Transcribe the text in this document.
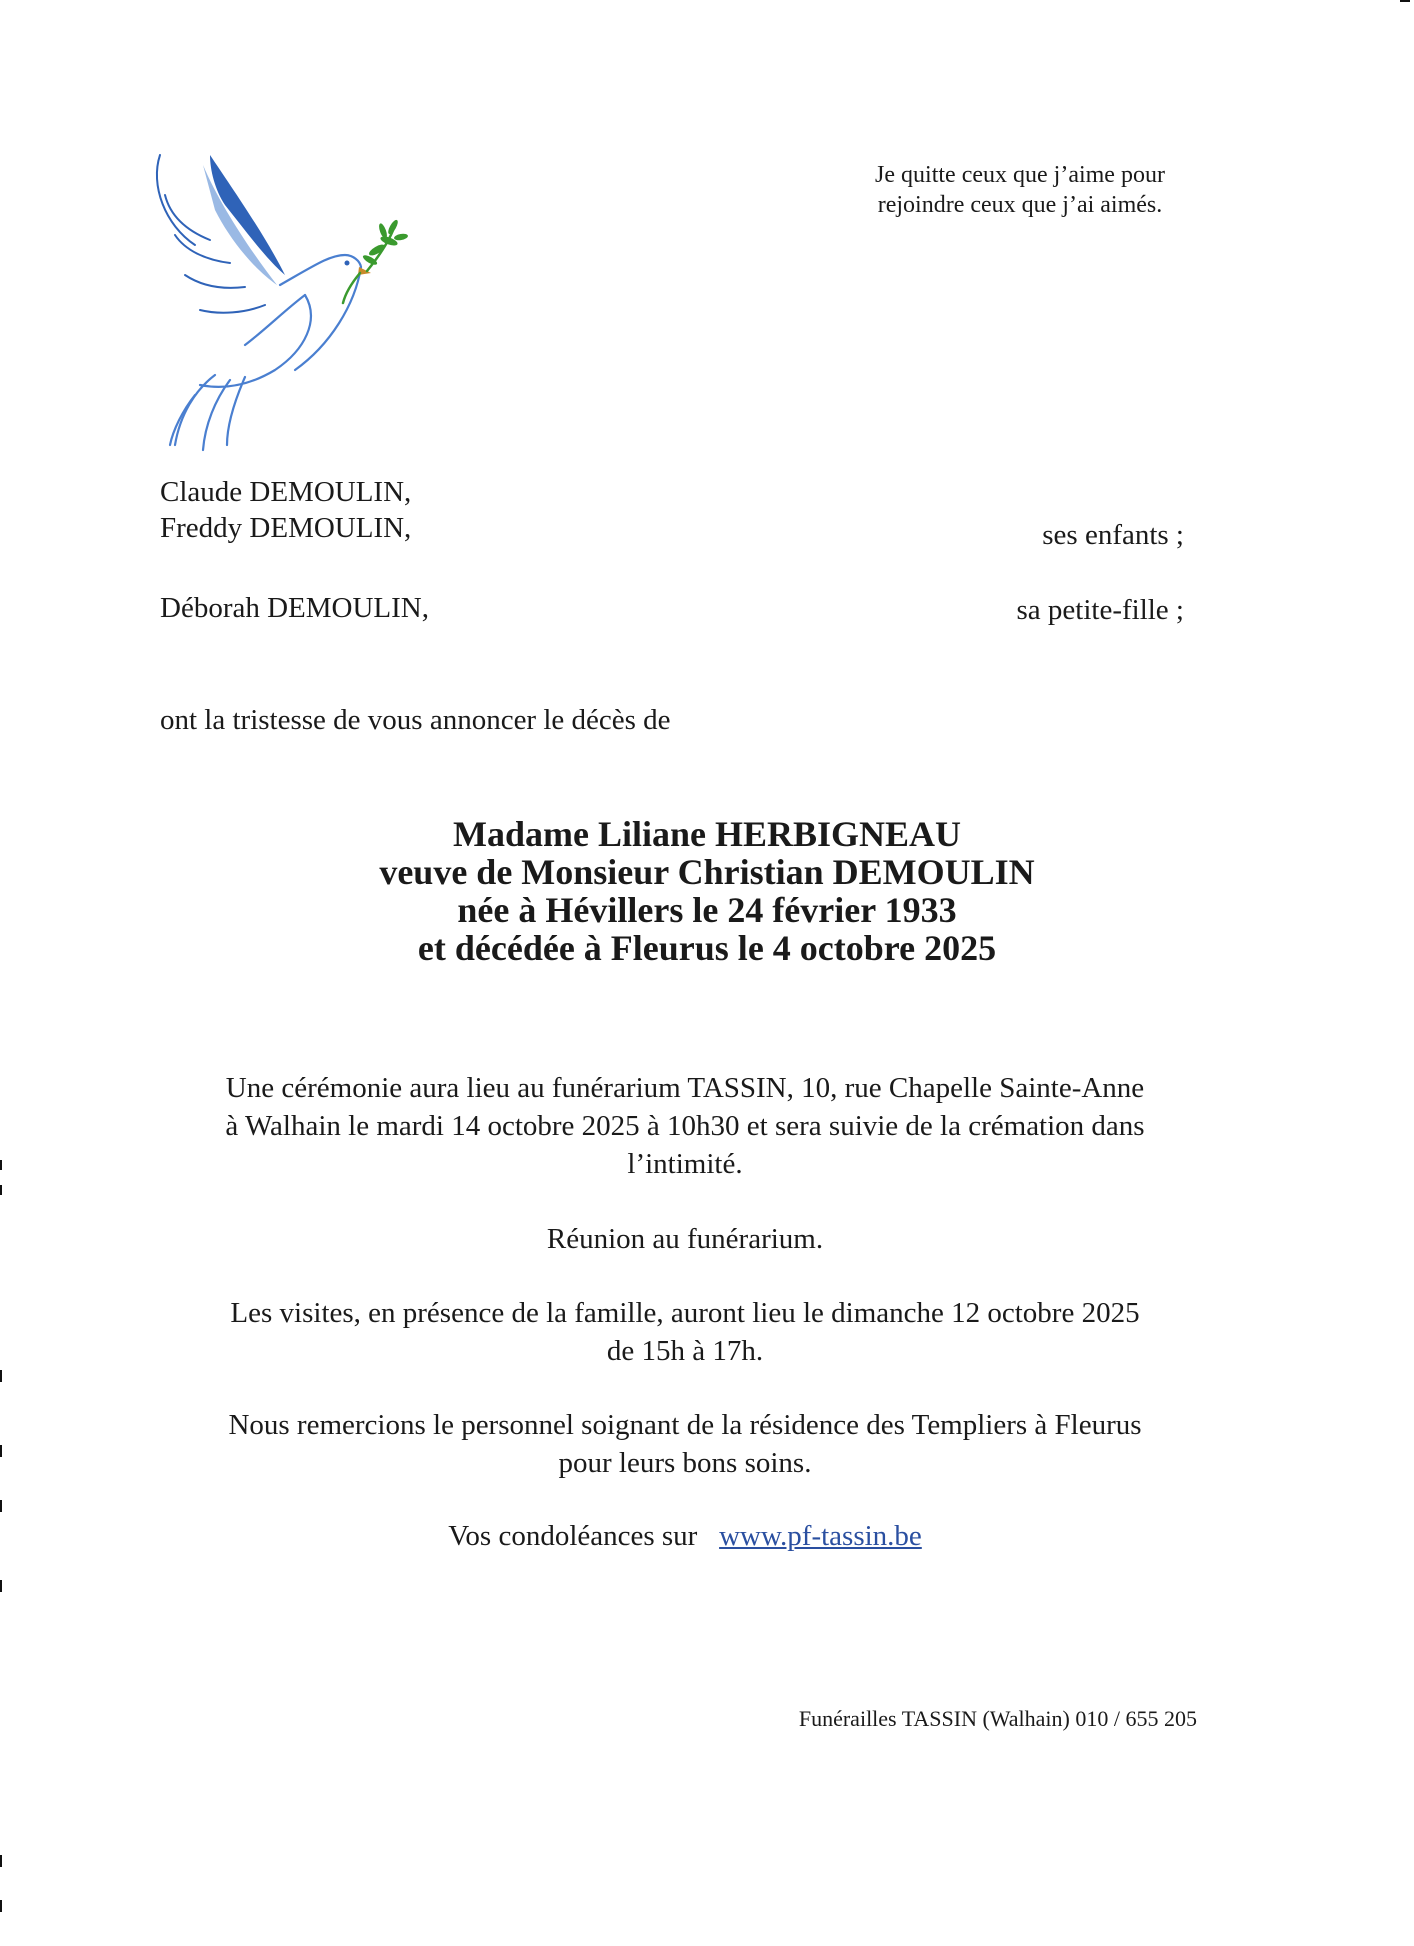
Je quitte ceux que j’aime pour
rejoindre ceux que j’ai aimés.
Claude DEMOULIN,
Freddy DEMOULIN,	ses enfants ;
Déborah DEMOULIN,	sa petite-fille ;
ont la tristesse de vous annoncer le décès de
Madame Liliane HERBIGNEAU
veuve de Monsieur Christian DEMOULIN
née à Hévillers le 24 février 1933
et décédée à Fleurus le 4 octobre 2025
Une cérémonie aura lieu au funérarium TASSIN, 10, rue Chapelle Sainte-Anne
à Walhain le mardi 14 octobre 2025 à 10h30 et sera suivie de la crémation dans
l’intimité.
Réunion au funérarium.
Les visites, en présence de la famille, auront lieu le dimanche 12 octobre 2025
de 15h à 17h.
Nous remercions le personnel soignant de la résidence des Templiers à Fleurus
pour leurs bons soins.
Vos condoléances sur www.pf-tassin.be
Funérailles TASSIN (Walhain) 010 / 655 205
